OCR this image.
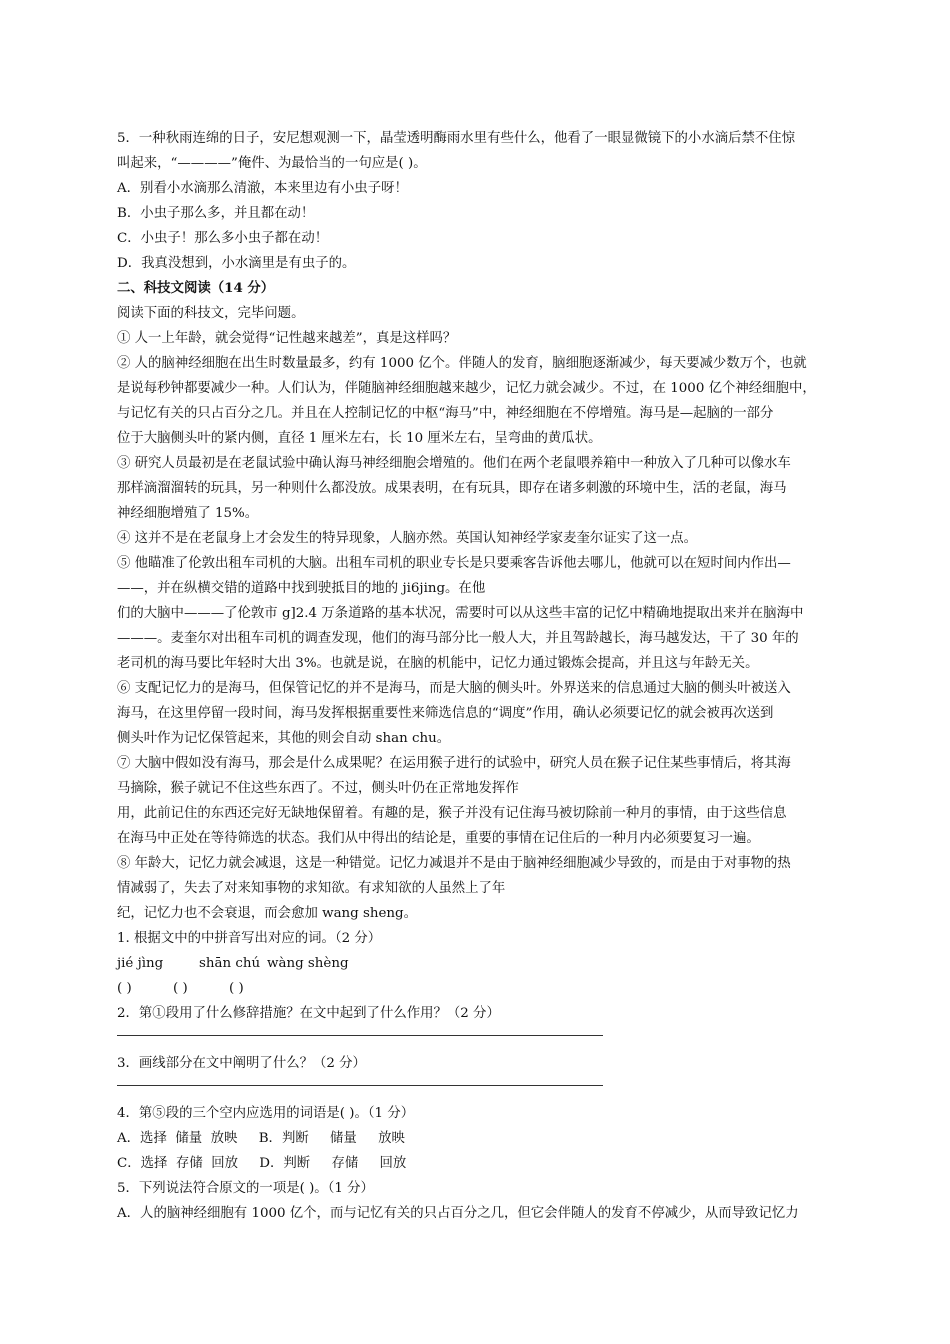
5．一种秋雨连绵的日子，安尼想观测一下，晶莹透明酶雨水里有些什么，他看了一眼显微镜下的小水滴后禁不住惊
叫起来，“————”俺件、为最恰当的一句应是( )。
A．别看小水滴那么清澈，本来里边有小虫子呀！
B．小虫子那么多，并且都在动！
C．小虫子！那么多小虫子都在动！
D．我真没想到，小水滴里是有虫子的。
二、科技文阅读（14 分）
阅读下面的科技文，完毕问题。
① 人一上年龄，就会觉得“记性越来越差”，真是这样吗？
② 人的脑神经细胞在出生时数量最多，约有 1000 亿个。伴随人的发育，脑细胞逐渐减少，每天要减少数万个，也就
是说每秒钟都要减少一种。人们认为，伴随脑神经细胞越来越少，记忆力就会减少。不过，在 1000 亿个神经细胞中，
与记忆有关的只占百分之几。并且在人控制记忆的中枢“海马”中，神经细胞在不停增殖。海马是—起脑的一部分
位于大脑侧头叶的紧内侧，直径 1 厘米左右，长 10 厘米左右，呈弯曲的黄瓜状。
③ 研究人员最初是在老鼠试验中确认海马神经细胞会增殖的。他们在两个老鼠喂养箱中一种放入了几种可以像水车
那样滴溜溜转的玩具，另一种则什么都没放。成果表明，在有玩具，即存在诸多刺激的环境中生，活的老鼠，海马
神经细胞增殖了 15%。
④ 这并不是在老鼠身上才会发生的特异现象，人脑亦然。英国认知神经学家麦奎尔证实了这一点。
⑤ 他瞄准了伦敦出租车司机的大脑。出租车司机的职业专长是只要乘客告诉他去哪儿，他就可以在短时间内作出—
——，并在纵横交错的道路中找到驶抵目的地的 ji6jing。在他
们的大脑中———了伦敦市 g]2.4 万条道路的基本状况，需要时可以从这些丰富的记忆中精确地提取出来并在脑海中
———。麦奎尔对出租车司机的调查发现，他们的海马部分比一般人大，并且驾龄越长，海马越发达，干了 30 年的
老司机的海马要比年轻时大出 3%。也就是说，在脑的机能中，记忆力通过锻炼会提高，并且这与年龄无关。
⑥ 支配记忆力的是海马，但保管记忆的并不是海马，而是大脑的侧头叶。外界送来的信息通过大脑的侧头叶被送入
海马，在这里停留一段时间，海马发挥根据重要性来筛选信息的“调度”作用，确认必须要记忆的就会被再次送到
侧头叶作为记忆保管起来，其他的则会自动 shan chu。
⑦ 大脑中假如没有海马，那会是什么成果呢？在运用猴子进行的试验中，研究人员在猴子记住某些事情后，将其海
马摘除，猴子就记不住这些东西了。不过，侧头叶仍在正常地发挥作
用，此前记住的东西还完好无缺地保留着。有趣的是，猴子并没有记住海马被切除前一种月的事情，由于这些信息
在海马中正处在等待筛选的状态。我们从中得出的结论是，重要的事情在记住后的一种月内必须要复习一遍。
⑧ 年龄大，记忆力就会减退，这是一种错觉。记忆力减退并不是由于脑神经细胞减少导致的，而是由于对事物的热
情减弱了，失去了对来知事物的求知欲。有求知欲的人虽然上了年
纪，记忆力也不会衰退，而会愈加 wang sheng。
1. 根据文中的中拼音写出对应的词。（2 分）
jié jìng	shān chú wàng shèng
( )	( )	( )
2．第①段用了什么修辞措施？在文中起到了什么作用？（2 分）
3．画线部分在文中阐明了什么？（2 分）
4．第⑤段的三个空内应选用的词语是( )。（1 分）
A．选择  储量  放映     B．判断     储量     放映
C．选择  存储  回放     D．判断     存储     回放
5．下列说法符合原文的一项是( )。（1 分）
A．人的脑神经细胞有 1000 亿个，而与记忆有关的只占百分之几，但它会伴随人的发育不停减少，从而导致记忆力
